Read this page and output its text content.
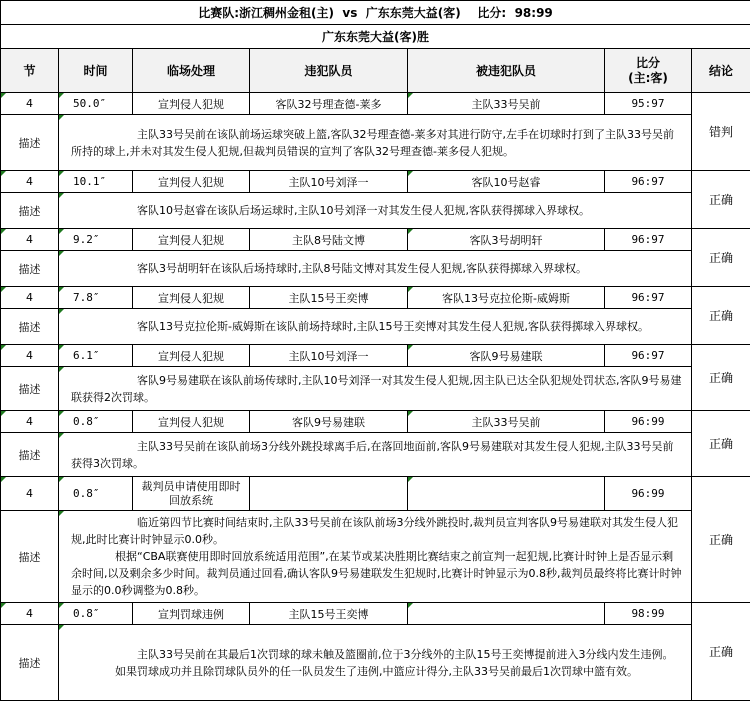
比赛队:浙江稠州金租(主) vs 广东东莞大益(客) 比分: 98:99						
广东东莞大益(客)胜						
节	时间	临场处理	违犯队员	被违犯队员	比分
(主:客)	结论
4	50.0″	宣判侵人犯规	客队32号理查德-莱多	主队33号吴前	95:97	错判
描述	主队33号吴前在该队前场运球突破上篮,客队32号理查德-莱多对其进行防守,左手在切球时打到了主队33号吴前所持的球上,并未对其发生侵人犯规,但裁判员错误的宣判了客队32号理查德-莱多侵人犯规。					

4	10.1″	宣判侵人犯规	主队10号刘泽一	客队10号赵睿	96:97	正确
描述	客队10号赵睿在该队后场运球时,主队10号刘泽一对其发生侵人犯规,客队获得掷球入界球权。					

4	9.2″	宣判侵人犯规	主队8号陆文博	客队3号胡明轩	96:97	正确
描述	客队3号胡明轩在该队后场持球时,主队8号陆文博对其发生侵人犯规,客队获得掷球入界球权。					

4	7.8″	宣判侵人犯规	主队15号王奕博	客队13号克拉伦斯-威姆斯	96:97	正确
描述	客队13号克拉伦斯-威姆斯在该队前场持球时,主队15号王奕博对其发生侵人犯规,客队获得掷球入界球权。					

4	6.1″	宣判侵人犯规	主队10号刘泽一	客队9号易建联	96:97	正确
描述	客队9号易建联在该队前场传球时,主队10号刘泽一对其发生侵人犯规,因主队已达全队犯规处罚状态,客队9号易建联获得2次罚球。					

4	0.8″	宣判侵人犯规	客队9号易建联	主队33号吴前	96:99	正确
描述	主队33号吴前在该队前场3分线外跳投球离手后,在落回地面前,客队9号易建联对其发生侵人犯规,主队33号吴前获得3次罚球。					

4	0.8″	裁判员申请使用即时回放系统			96:99	正确
描述	临近第四节比赛时间结束时,主队33号吴前在该队前场3分线外跳投时,裁判员宣判客队9号易建联对其发生侵人犯规,此时比赛计时钟显示0.0秒。

根据“CBA联赛使用即时回放系统适用范围”,在某节或某决胜期比赛结束之前宣判一起犯规,比赛计时钟上是否显示剩余时间,以及剩余多少时间。裁判员通过回看,确认客队9号易建联发生犯规时,比赛计时钟显示为0.8秒,裁判员最终将比赛计时钟显示的0.0秒调整为0.8秒。					

4	0.8″	宣判罚球违例	主队15号王奕博		98:99	正确
描述	主队33号吴前在其最后1次罚球的球未触及篮圈前,位于3分线外的主队15号王奕博提前进入3分线内发生违例。

如果罚球成功并且除罚球队员外的任一队员发生了违例,中篮应计得分,主队33号吴前最后1次罚球中篮有效。					
